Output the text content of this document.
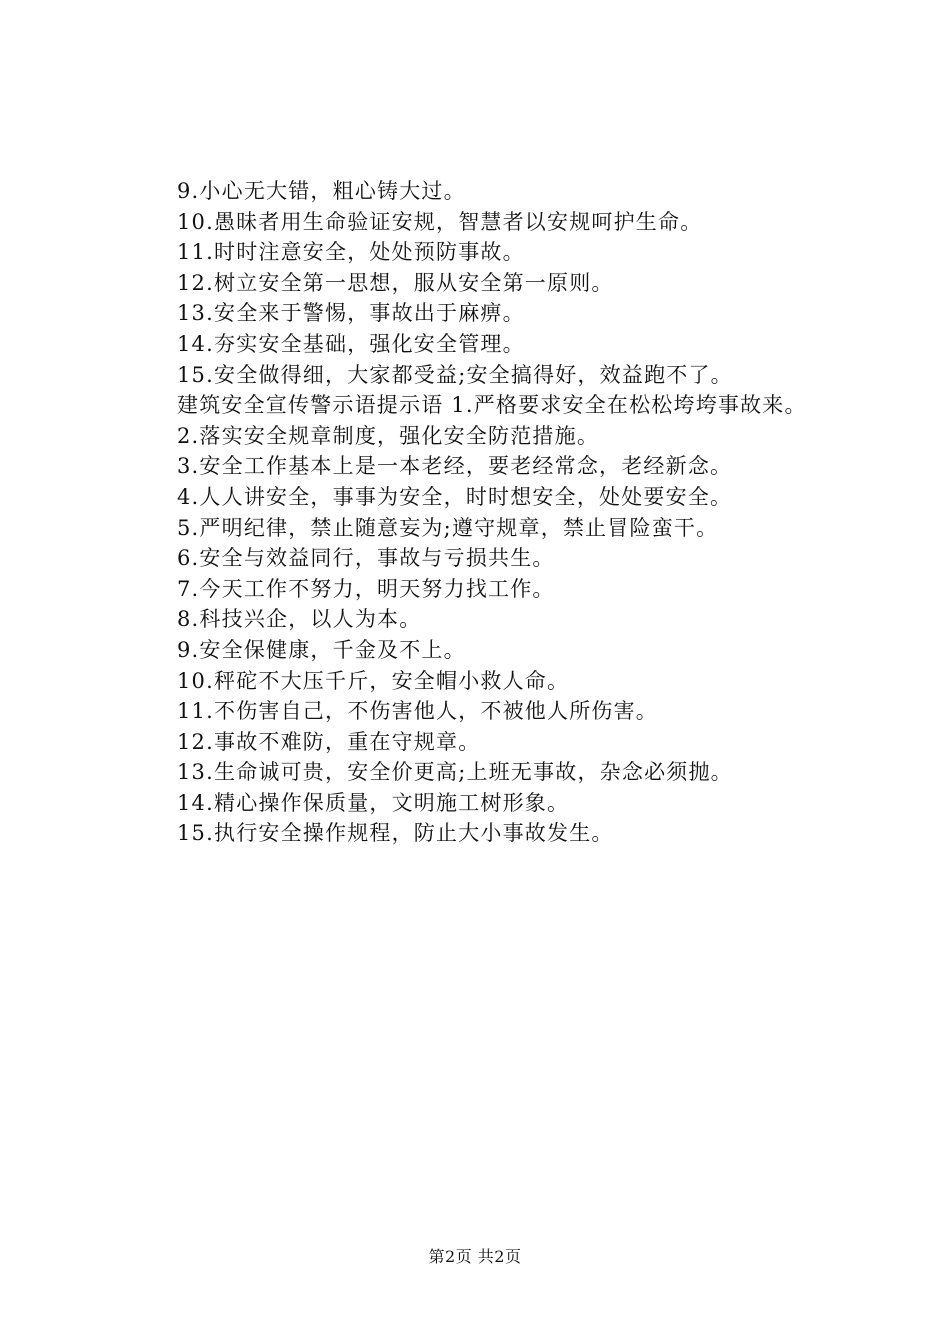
9.小心无大错，粗心铸大过。
10.愚昧者用生命验证安规，智慧者以安规呵护生命。
11.时时注意安全，处处预防事故。
12.树立安全第一思想，服从安全第一原则。
13.安全来于警惕，事故出于麻痹。
14.夯实安全基础，强化安全管理。
15.安全做得细，大家都受益;安全搞得好，效益跑不了。
建筑安全宣传警示语提示语 1.严格要求安全在松松垮垮事故来。
2.落实安全规章制度，强化安全防范措施。
3.安全工作基本上是一本老经，要老经常念，老经新念。
4.人人讲安全，事事为安全，时时想安全，处处要安全。
5.严明纪律，禁止随意妄为;遵守规章，禁止冒险蛮干。
6.安全与效益同行，事故与亏损共生。
7.今天工作不努力，明天努力找工作。
8.科技兴企，以人为本。
9.安全保健康，千金及不上。
10.秤砣不大压千斤，安全帽小救人命。
11.不伤害自己，不伤害他人，不被他人所伤害。
12.事故不难防，重在守规章。
13.生命诚可贵，安全价更高;上班无事故，杂念必须抛。
14.精心操作保质量，文明施工树形象。
15.执行安全操作规程，防止大小事故发生。
第2页 共2页
